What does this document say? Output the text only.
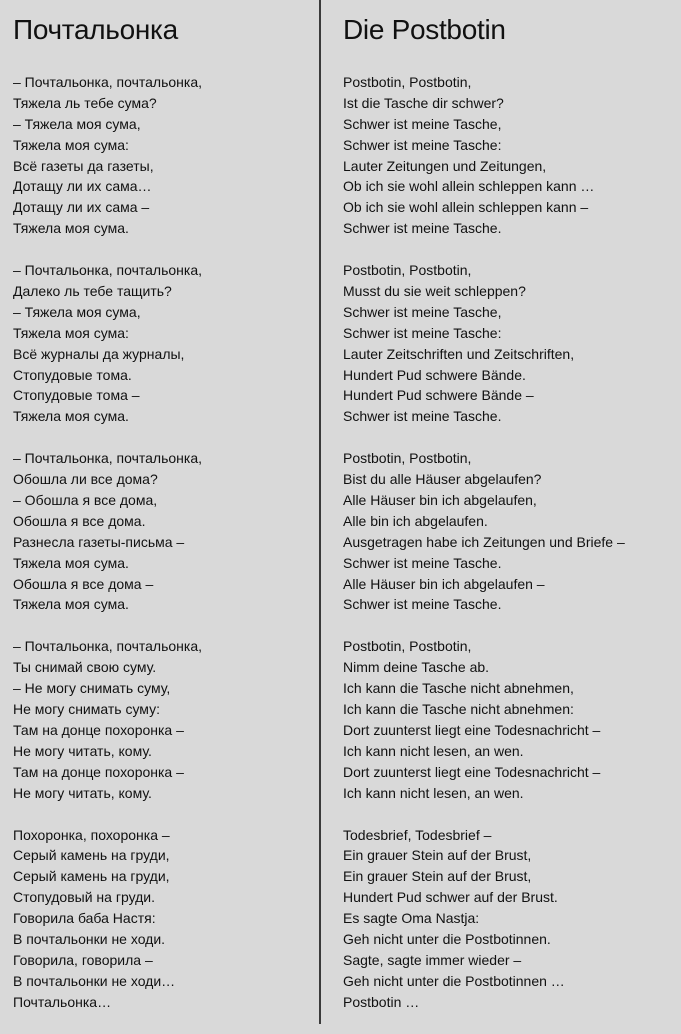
Почтальонка
– Почтальонка, почтальонка,
Тяжела ль тебе сума?
– Тяжела моя сума,
Тяжела моя сума:
Всё газеты да газеты,
Дотащу ли их сама…
Дотащу ли их сама –
Тяжела моя сума.
– Почтальонка, почтальонка,
Далеко ль тебе тащить?
– Тяжела моя сума,
Тяжела моя сума:
Всё журналы да журналы,
Стопудовые тома.
Стопудовые тома –
Тяжела моя сума.
– Почтальонка, почтальонка,
Обошла ли все дома?
– Обошла я все дома,
Обошла я все дома.
Разнесла газеты-письма –
Тяжела моя сума.
Обошла я все дома –
Тяжела моя сума.
– Почтальонка, почтальонка,
Ты снимай свою суму.
– Не могу снимать суму,
Не могу снимать суму:
Там на донце похоронка –
Не могу читать, кому.
Там на донце похоронка –
Не могу читать, кому.
Похоронка, похоронка –
Серый камень на груди,
Серый камень на груди,
Стопудовый на груди.
Говорила баба Настя:
В почтальонки не ходи.
Говорила, говорила –
В почтальонки не ходи…
Почтальонка…
Die Postbotin
Postbotin, Postbotin,
Ist die Tasche dir schwer?
Schwer ist meine Tasche,
Schwer ist meine Tasche:
Lauter Zeitungen und Zeitungen,
Ob ich sie wohl allein schleppen kann …
Ob ich sie wohl allein schleppen kann –
Schwer ist meine Tasche.
Postbotin, Postbotin,
Musst du sie weit schleppen?
Schwer ist meine Tasche,
Schwer ist meine Tasche:
Lauter Zeitschriften und Zeitschriften,
Hundert Pud schwere Bände.
Hundert Pud schwere Bände –
Schwer ist meine Tasche.
Postbotin, Postbotin,
Bist du alle Häuser abgelaufen?
Alle Häuser bin ich abgelaufen,
Alle bin ich abgelaufen.
Ausgetragen habe ich Zeitungen und Briefe –
Schwer ist meine Tasche.
Alle Häuser bin ich abgelaufen –
Schwer ist meine Tasche.
Postbotin, Postbotin,
Nimm deine Tasche ab.
Ich kann die Tasche nicht abnehmen,
Ich kann die Tasche nicht abnehmen:
Dort zuunterst liegt eine Todesnachricht –
Ich kann nicht lesen, an wen.
Dort zuunterst liegt eine Todesnachricht –
Ich kann nicht lesen, an wen.
Todesbrief, Todesbrief –
Ein grauer Stein auf der Brust,
Ein grauer Stein auf der Brust,
Hundert Pud schwer auf der Brust.
Es sagte Oma Nastja:
Geh nicht unter die Postbotinnen.
Sagte, sagte immer wieder –
Geh nicht unter die Postbotinnen …
Postbotin …
